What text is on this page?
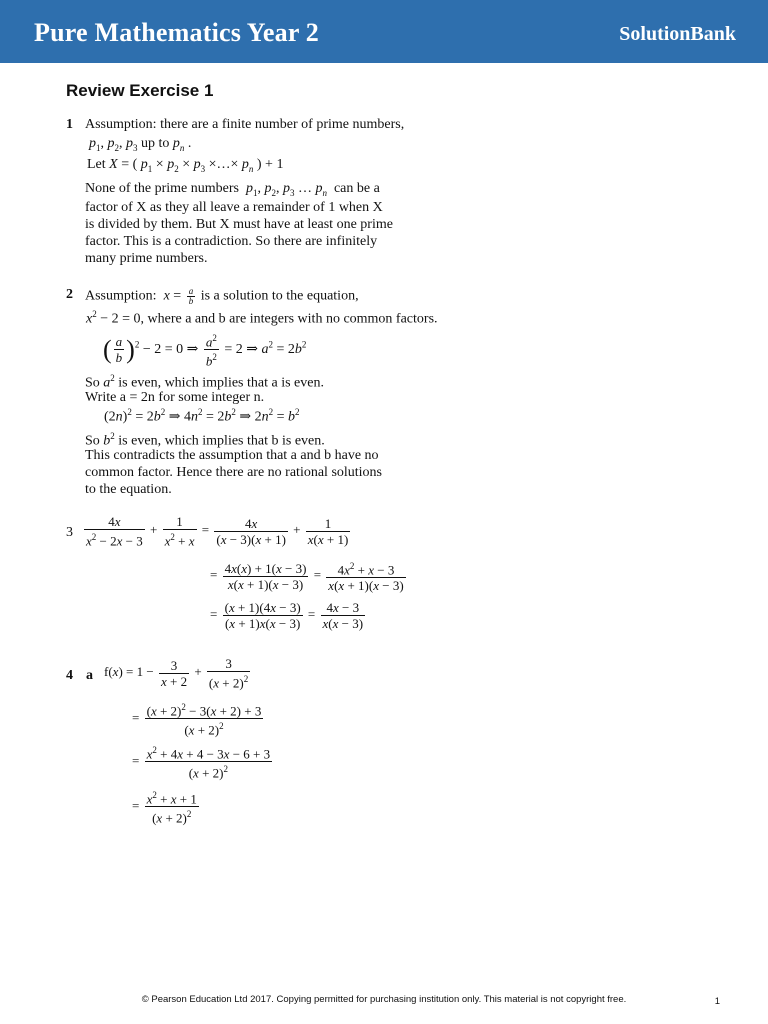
Pure Mathematics Year 2	SolutionBank
Review Exercise 1
1 Assumption: there are a finite number of prime numbers,
$p_1$, $p_2$, $p_3$ up to $p_n$ .
Let X = ( $p_1 \times p_2 \times p_3$ ×…× $p_n$ ) + 1
None of the prime numbers $p_1$, $p_2$, $p_3$ … $p_n$ can be a
factor of X as they all leave a remainder of 1 when X
is divided by them. But X must have at least one prime
factor. This is a contradiction. So there are infinitely
many prime numbers.
2 Assumption: $x = \frac{a}{b}$ is a solution to the equation,
$x^2 - 2 = 0$, where a and b are integers with no common factors.
( $\frac{a}{b} )^2 - 2 = 0$ ⇒ $\frac{a^2}{b^2} = 2$ ⇒ $a^2 = 2b^2$
So $a^2$ is even, which implies that a is even.
Write a = 2n for some integer n.
$(2n)^2 = 2b^2$ ⇒ $4n^2 = 2b^2$ ⇒ $2n^2 = b^2$
So $b^2$ is even, which implies that b is even.
This contradicts the assumption that a and b have no
common factor. Hence there are no rational solutions
to the equation.
$3 \frac{4x}{x^2 - 2x - 3} + \frac{1}{x^2 + x} = \frac{4x}{(x - 3)(x + 1)} + \frac{1}{x(x + 1)}$
= $\frac{4x(x) + 1(x - 3)}{x(x + 1)(x - 3)} = \frac{4x^2 + x - 3}{x(x + 1)(x - 3)}$
= $\frac{(x + 1)(4x - 3)}{(x + 1)x(x - 3)} = \frac{4x - 3}{x(x - 3)}$
4 a $f(x) = 1 - \frac{3}{x + 2} + \frac{3}{(x + 2)^2}$
= $\frac{(x + 2)^2 - 3(x + 2) + 3}{(x + 2)^2}$
= $\frac{x^2 + 4x + 4 - 3x - 6 + 3}{(x + 2)^2}$
= $\frac{x^2 + x + 1}{(x + 2)^2}$
© Pearson Education Ltd 2017. Copying permitted for purchasing institution only. This material is not copyright free.	1
